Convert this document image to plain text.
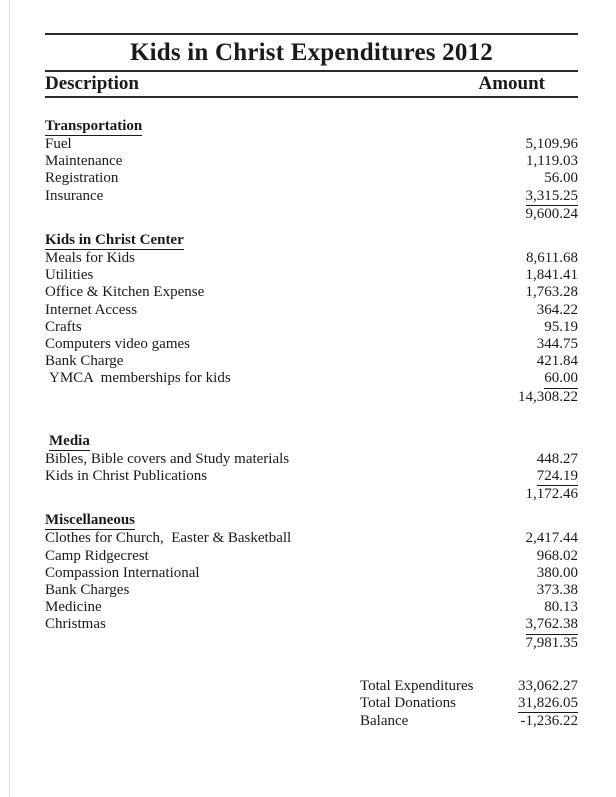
Kids in Christ Expenditures 2012
Description	Amount
Transportation
Fuel	5,109.96
Maintenance	1,119.03
Registration	56.00
Insurance	3,315.25
9,600.24
Kids in Christ Center
Meals for Kids	8,611.68
Utilities	1,841.41
Office & Kitchen Expense	1,763.28
Internet Access	364.22
Crafts	95.19
Computers video games	344.75
Bank Charge	421.84
YMCA  memberships for kids	60.00
14,308.22
Media
Bibles, Bible covers and Study materials	448.27
Kids in Christ Publications	724.19
1,172.46
Miscellaneous
Clothes for Church,  Easter & Basketball	2,417.44
Camp Ridgecrest	968.02
Compassion International	380.00
Bank Charges	373.38
Medicine	80.13
Christmas	3,762.38
7,981.35
Total Expenditures	33,062.27
Total Donations	31,826.05
Balance	-1,236.22
